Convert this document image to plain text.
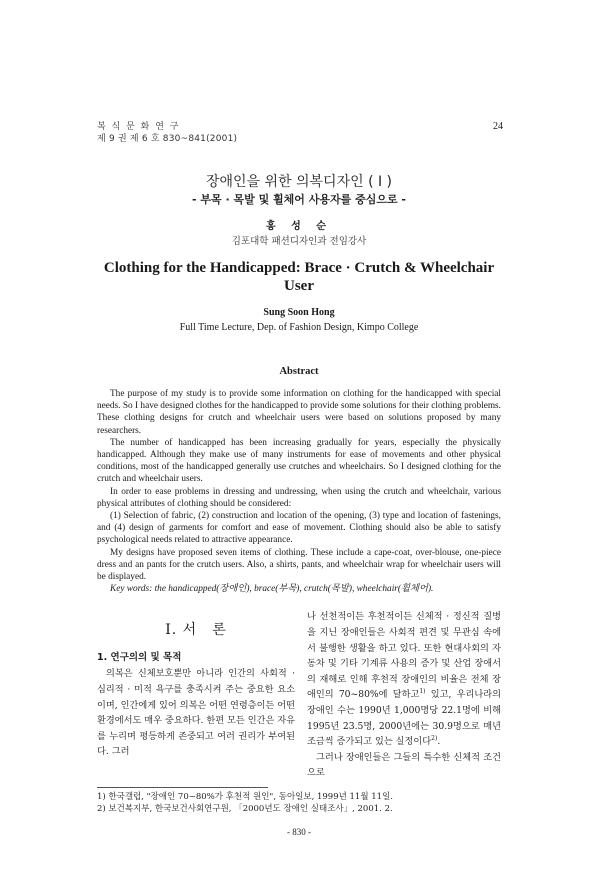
복 식 문 화 연 구
제 9 권 제 6 호 830~841(2001)
24
장애인을 위한 의복디자인 ( I )
- 부목 · 목발 및 휠체어 사용자를 중심으로 -
홍 성 순
김포대학 패션디자인과 전임강사
Clothing for the Handicapped: Brace · Crutch & Wheelchair User
Sung Soon Hong
Full Time Lecture, Dep. of Fashion Design, Kimpo College
Abstract

The purpose of my study is to provide some information on clothing for the handicapped with special needs. So I have designed clothes for the handicapped to provide some solutions for their clothing problems. These clothing designs for crutch and wheelchair users were based on solutions proposed by many researchers.

The number of handicapped has been increasing gradually for years, especially the physically handicapped. Although they make use of many instruments for ease of movements and other physical conditions, most of the handicapped generally use crutches and wheelchairs. So I designed clothing for the crutch and wheelchair users.

In order to ease problems in dressing and undressing, when using the crutch and wheelchair, various physical attributes of clothing should be considered:

(1) Selection of fabric, (2) construction and location of the opening, (3) type and location of fastenings, and (4) design of garments for comfort and ease of movement. Clothing should also be able to satisfy psychological needs related to attractive appearance.

My designs have proposed seven items of clothing. These include a cape-coat, over-blouse, one-piece dress and an pants for the crutch users. Also, a shirts, pants, and wheelchair wrap for wheelchair users will be displayed.

Key words: the handicapped(장애인), brace(부목), crutch(목발), wheelchair(휠체어).

Ⅰ. 서　론
1. 연구의의 및 목적

의복은 신체보호뿐만 아니라 인간의 사회적 · 심리적 · 미적 욕구를 충족시켜 주는 중요한 요소이며, 인간에게 있어 의복은 어떤 연령층이든 어떤 환경에서도 매우 중요하다. 한편 모든 인간은 자유를 누리며 평등하게 존중되고 여러 권리가 부여된다. 그러

나 선천적이든 후천적이든 신체적 · 정신적 질병을 지닌 장애인들은 사회적 편견 및 무관심 속에서 불행한 생활을 하고 있다. 또한 현대사회의 자동차 및 기타 기계류 사용의 증가 및 산업 장애서의 재해로 인해 후천적 장애인의 비율은 전체 장애인의 70~80%에 달하고$^{1)}$ 있고, 우리나라의 장애인 수는 1990년 1,000명당 22.1명에 비해 1995년 23.5명, 2000년에는 30.9명으로 매년 조금씩 증가되고 있는 실정이다$^{2)}$.

그러나 장애인들은 그들의 특수한 신체적 조건으로

1) 한국갤럽, "장애인 70~80%가 후천적 원인", 동아일보, 1999년 11월 11일.
2) 보건복지부, 한국보건사회연구원, 「2000년도 장애인 실태조사」, 2001. 2.
- 830 -
